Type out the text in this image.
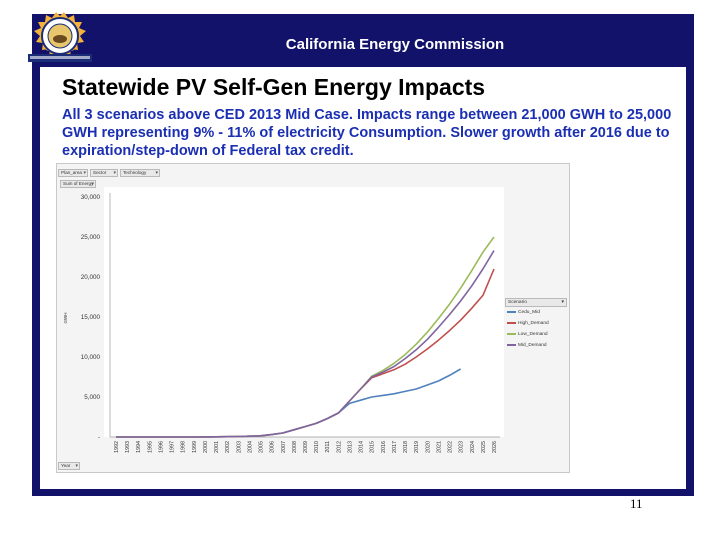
California Energy Commission
Statewide PV Self-Gen Energy Impacts
All 3 scenarios above CED 2013 Mid Case. Impacts range between 21,000 GWH to 25,000 GWH representing 9% - 11% of electricity Consumption. Slower growth after 2016 due to expiration/step-down of Federal tax credit.
Plan_area ▾	Sector ▾	Technology ▾
Sum of Energy ▾
Year ▾
30,000
25,000
20,000
15,000
10,000
5,000
-
GWH
1992 1993 1994 1995 1996 1997 1998 1999 2000 2001 2002 2003 2004 2005 2006 2007 2008 2009 2010 2011 2012 2013 2014 2015 2016 2017 2018 2019 2020 2021 2022 2023 2024 2025 2026
Scenario ▾
Cedu_Mid
High_Demand
Low_Demand
Mid_Demand
11
